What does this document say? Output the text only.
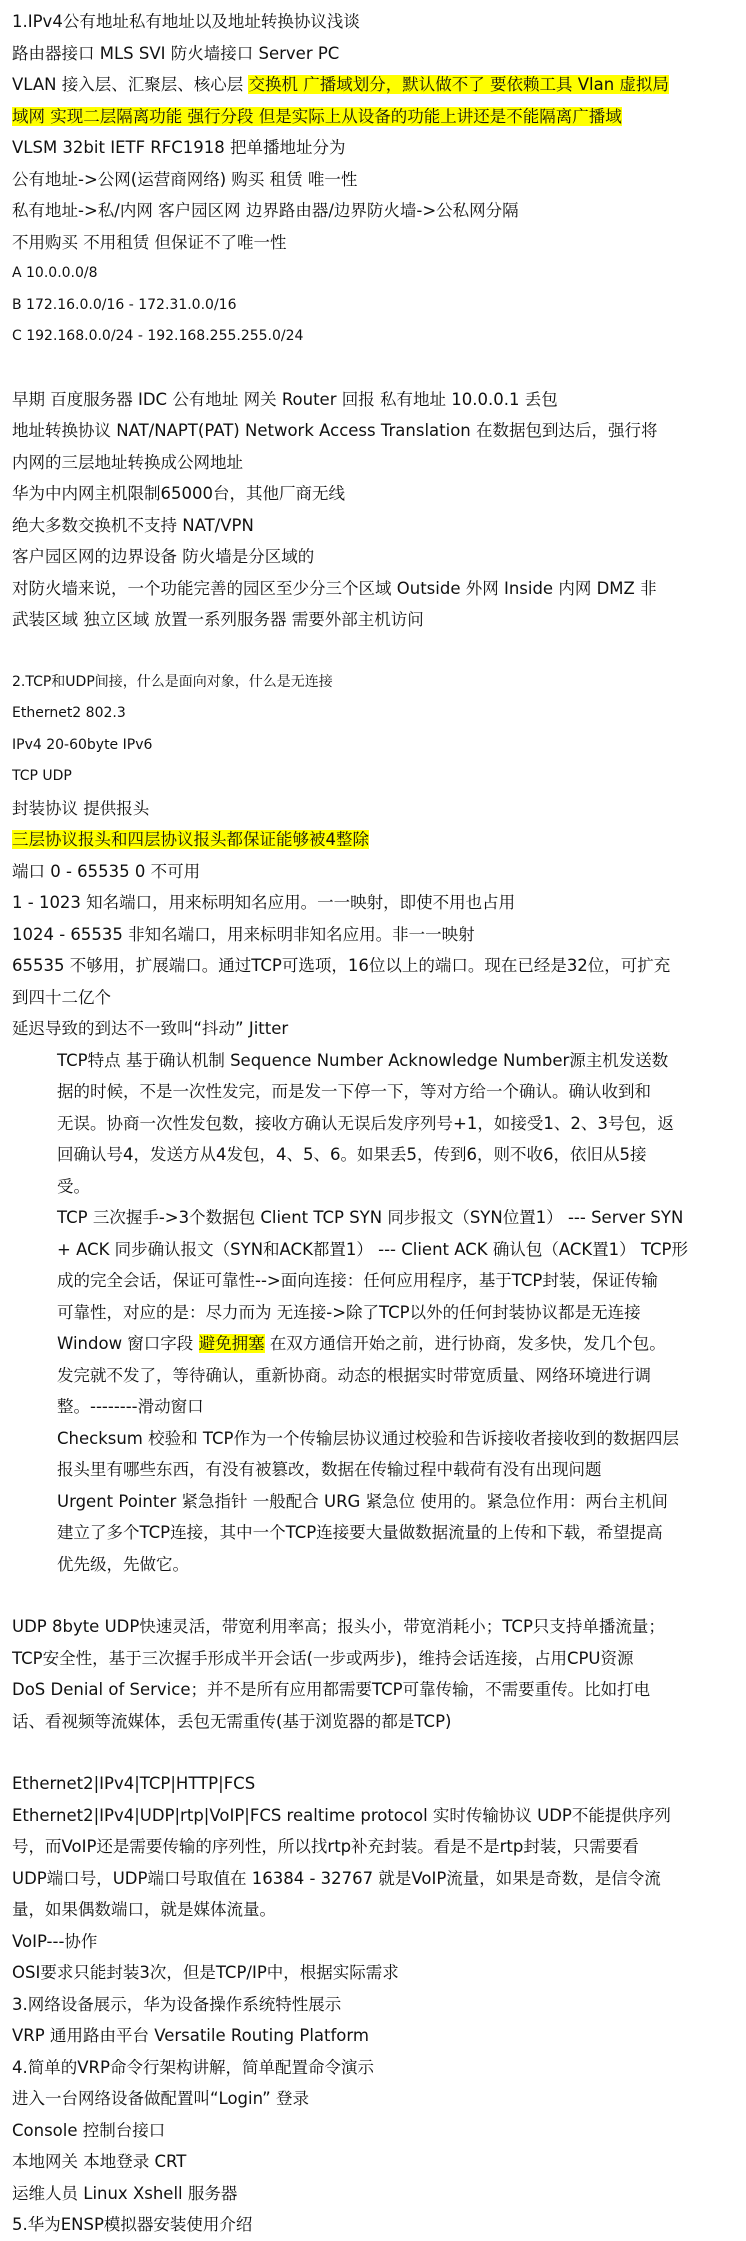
1.IPv4公有地址私有地址以及地址转换协议浅谈
路由器接口 MLS SVI 防火墙接口 Server PC
VLAN 接入层、汇聚层、核心层 交换机 广播域划分，默认做不了 要依赖工具 Vlan 虚拟局
域网 实现二层隔离功能 强行分段 但是实际上从设备的功能上讲还是不能隔离广播域
VLSM 32bit IETF RFC1918 把单播地址分为
公有地址->公网(运营商网络) 购买 租赁 唯一性
私有地址->私/内网 客户园区网 边界路由器/边界防火墙->公私网分隔
不用购买 不用租赁 但保证不了唯一性
A 10.0.0.0/8
B 172.16.0.0/16 - 172.31.0.0/16
C 192.168.0.0/24 - 192.168.255.255.0/24
早期 百度服务器 IDC 公有地址 网关 Router 回报 私有地址 10.0.0.1 丢包
地址转换协议 NAT/NAPT(PAT) Network Access Translation 在数据包到达后，强行将
内网的三层地址转换成公网地址
华为中内网主机限制65000台，其他厂商无线
绝大多数交换机不支持 NAT/VPN
客户园区网的边界设备 防火墙是分区域的
对防火墙来说，一个功能完善的园区至少分三个区域 Outside 外网 Inside 内网 DMZ 非
武装区域 独立区域 放置一系列服务器 需要外部主机访问
2.TCP和UDP间接，什么是面向对象，什么是无连接
Ethernet2 802.3
IPv4 20-60byte IPv6
TCP UDP
封装协议 提供报头
三层协议报头和四层协议报头都保证能够被4整除
端口 0 - 65535 0 不可用
1 - 1023 知名端口，用来标明知名应用。一一映射，即使不用也占用
1024 - 65535 非知名端口，用来标明非知名应用。非一一映射
65535 不够用，扩展端口。通过TCP可选项，16位以上的端口。现在已经是32位，可扩充
到四十二亿个
延迟导致的到达不一致叫“抖动” Jitter
TCP特点 基于确认机制 Sequence Number Acknowledge Number源主机发送数
据的时候，不是一次性发完，而是发一下停一下，等对方给一个确认。确认收到和
无误。协商一次性发包数，接收方确认无误后发序列号+1，如接受1、2、3号包，返
回确认号4，发送方从4发包，4、5、6。如果丢5，传到6，则不收6，依旧从5接
受。
TCP 三次握手->3个数据包 Client TCP SYN 同步报文（SYN位置1） --- Server SYN
+ ACK 同步确认报文（SYN和ACK都置1） --- Client ACK 确认包（ACK置1） TCP形
成的完全会话，保证可靠性-->面向连接：任何应用程序，基于TCP封装，保证传输
可靠性，对应的是：尽力而为 无连接->除了TCP以外的任何封装协议都是无连接
Window 窗口字段 避免拥塞 在双方通信开始之前，进行协商，发多快，发几个包。
发完就不发了，等待确认，重新协商。动态的根据实时带宽质量、网络环境进行调
整。--------滑动窗口
Checksum 校验和 TCP作为一个传输层协议通过校验和告诉接收者接收到的数据四层
报头里有哪些东西，有没有被篡改，数据在传输过程中载荷有没有出现问题
Urgent Pointer 紧急指针 一般配合 URG 紧急位 使用的。紧急位作用：两台主机间
建立了多个TCP连接，其中一个TCP连接要大量做数据流量的上传和下载，希望提高
优先级，先做它。
UDP 8byte UDP快速灵活，带宽利用率高；报头小，带宽消耗小；TCP只支持单播流量；
TCP安全性，基于三次握手形成半开会话(一步或两步)，维持会话连接，占用CPU资源
DoS Denial of Service；并不是所有应用都需要TCP可靠传输，不需要重传。比如打电
话、看视频等流媒体，丢包无需重传(基于浏览器的都是TCP)
Ethernet2|IPv4|TCP|HTTP|FCS
Ethernet2|IPv4|UDP|rtp|VoIP|FCS realtime protocol 实时传输协议 UDP不能提供序列
号，而VoIP还是需要传输的序列性，所以找rtp补充封装。看是不是rtp封装，只需要看
UDP端口号，UDP端口号取值在 16384 - 32767 就是VoIP流量，如果是奇数，是信令流
量，如果偶数端口，就是媒体流量。
VoIP---协作
OSI要求只能封装3次，但是TCP/IP中，根据实际需求
3.网络设备展示，华为设备操作系统特性展示
VRP 通用路由平台 Versatile Routing Platform
4.简单的VRP命令行架构讲解，简单配置命令演示
进入一台网络设备做配置叫“Login” 登录
Console 控制台接口
本地网关 本地登录 CRT
运维人员 Linux Xshell 服务器
5.华为ENSP模拟器安装使用介绍
